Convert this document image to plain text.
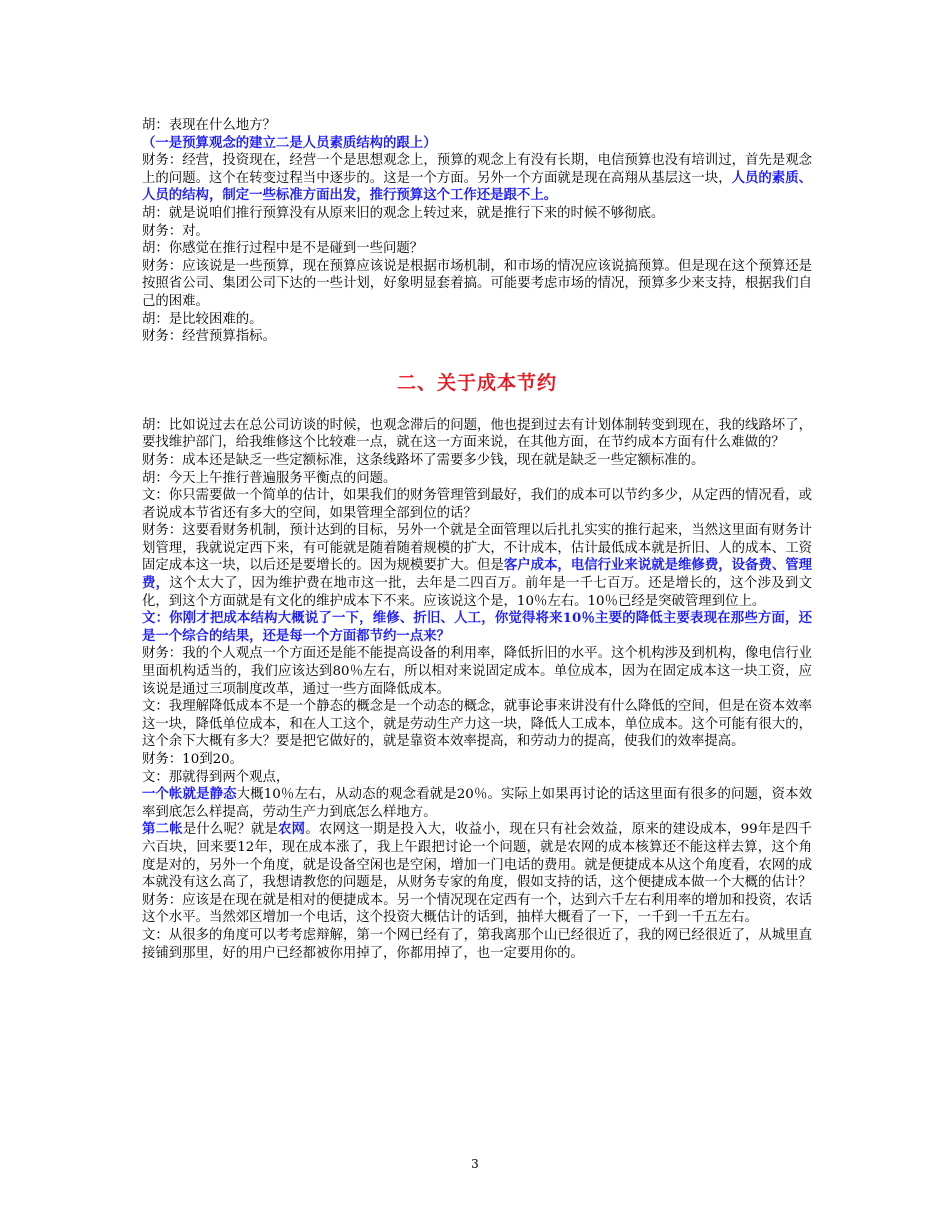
胡：表现在什么地方？

（一是预算观念的建立二是人员素质结构的跟上）

财务：经营，投资现在，经营一个是思想观念上，预算的观念上有没有长期，电信预算也没有培训过，首先是观念上的问题。这个在转变过程当中逐步的。这是一个方面。另外一个方面就是现在高翔从基层这一块，人员的素质、人员的结构，制定一些标准方面出发，推行预算这个工作还是跟不上。

胡：就是说咱们推行预算没有从原来旧的观念上转过来，就是推行下来的时候不够彻底。

财务：对。

胡：你感觉在推行过程中是不是碰到一些问题？

财务：应该说是一些预算，现在预算应该说是根据市场机制，和市场的情况应该说搞预算。但是现在这个预算还是按照省公司、集团公司下达的一些计划，好象明显套着搞。可能要考虑市场的情况，预算多少来支持，根据我们自己的困难。

胡：是比较困难的。

财务：经营预算指标。

二、关于成本节约

胡：比如说过去在总公司访谈的时候，也观念滞后的问题，他也提到过去有计划体制转变到现在，我的线路坏了，要找维护部门，给我维修这个比较难一点，就在这一方面来说，在其他方面，在节约成本方面有什么难做的？

财务：成本还是缺乏一些定额标准，这条线路坏了需要多少钱，现在就是缺乏一些定额标准的。

胡：今天上午推行普遍服务平衡点的问题。

文：你只需要做一个简单的估计，如果我们的财务管理管到最好，我们的成本可以节约多少，从定西的情况看，或者说成本节省还有多大的空间，如果管理全部到位的话？

财务：这要看财务机制，预计达到的目标，另外一个就是全面管理以后扎扎实实的推行起来，当然这里面有财务计划管理，我就说定西下来，有可能就是随着随着规模的扩大，不计成本，估计最低成本就是折旧、人的成本、工资固定成本这一块，以后还是要增长的。因为规模要扩大。但是客户成本，电信行业来说就是维修费，设备费、管理费，这个太大了，因为维护费在地市这一批，去年是二四百万。前年是一千七百万。还是增长的，这个涉及到文化，到这个方面就是有文化的维护成本下不来。应该说这个是，10％左右。10％已经是突破管理到位上。

文：你刚才把成本结构大概说了一下，维修、折旧、人工，你觉得将来10％主要的降低主要表现在那些方面，还是一个综合的结果，还是每一个方面都节约一点来？

财务：我的个人观点一个方面还是能不能提高设备的利用率，降低折旧的水平。这个机构涉及到机构，像电信行业里面机构适当的，我们应该达到80％左右，所以相对来说固定成本。单位成本，因为在固定成本这一块工资，应该说是通过三项制度改革，通过一些方面降低成本。

文：我理解降低成本不是一个静态的概念是一个动态的概念，就事论事来讲没有什么降低的空间，但是在资本效率这一块，降低单位成本，和在人工这个，就是劳动生产力这一块，降低人工成本，单位成本。这个可能有很大的，这个余下大概有多大？要是把它做好的，就是靠资本效率提高，和劳动力的提高，使我们的效率提高。

财务：10到20。

文：那就得到两个观点，

一个帐就是静态大概10％左右，从动态的观念看就是20％。实际上如果再讨论的话这里面有很多的问题，资本效率到底怎么样提高，劳动生产力到底怎么样地方。

第二帐是什么呢？就是农网。农网这一期是投入大，收益小，现在只有社会效益，原来的建设成本，99年是四千六百块，回来要12年，现在成本涨了，我上午跟把讨论一个问题，就是农网的成本核算还不能这样去算，这个角度是对的，另外一个角度，就是设备空闲也是空闲，增加一门电话的费用。就是便捷成本从这个角度看，农网的成本就没有这么高了，我想请教您的问题是，从财务专家的角度，假如支持的话，这个便捷成本做一个大概的估计？

财务：应该是在现在就是相对的便捷成本。另一个情况现在定西有一个，达到六千左右利用率的增加和投资，农话这个水平。当然郊区增加一个电话，这个投资大概估计的话到，抽样大概看了一下，一千到一千五左右。

文：从很多的角度可以考考虑辩解，第一个网已经有了，第我离那个山已经很近了，我的网已经很近了，从城里直接铺到那里，好的用户已经都被你用掉了，你都用掉了，也一定要用你的。

3
